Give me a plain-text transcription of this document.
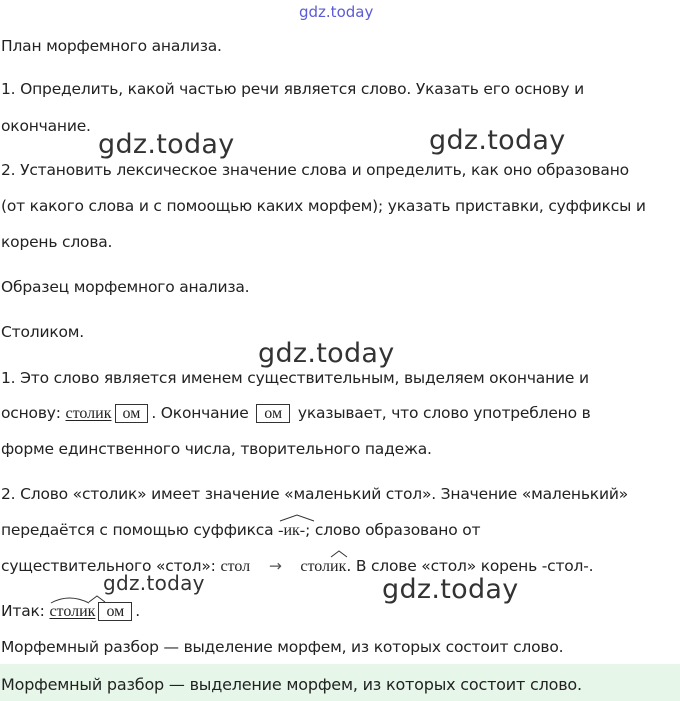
gdz.today
План морфемного анализа.
1. Определить, какой частью речи является слово. Указать его основу и
окончание.
2. Установить лексическое значение слова и определить, как оно образовано
(от какого слова и с помоощью каких морфем); указать приставки, суффиксы и
корень слова.
Образец морфемного анализа.
Столиком.
1. Это слово является именем существительным, выделяем окончание и
основу: столик ом . Окончание ом указывает, что слово употреблено в
форме единственного числа, творительного падежа.
2. Слово «столик» имеет значение «маленький стол». Значение «маленький»
передаётся с помощью суффикса -ик-; слово образовано от
существительного «стол»: стол → стол
ик. В слове «стол» корень -стол-.
Итак: столик ом .
Морфемный разбор — выделение морфем, из которых состоит слово.
Морфемный разбор — выделение морфем, из которых состоит слово.
gdz.today	gdz.today
gdz.today
gdz.today	gdz.today
